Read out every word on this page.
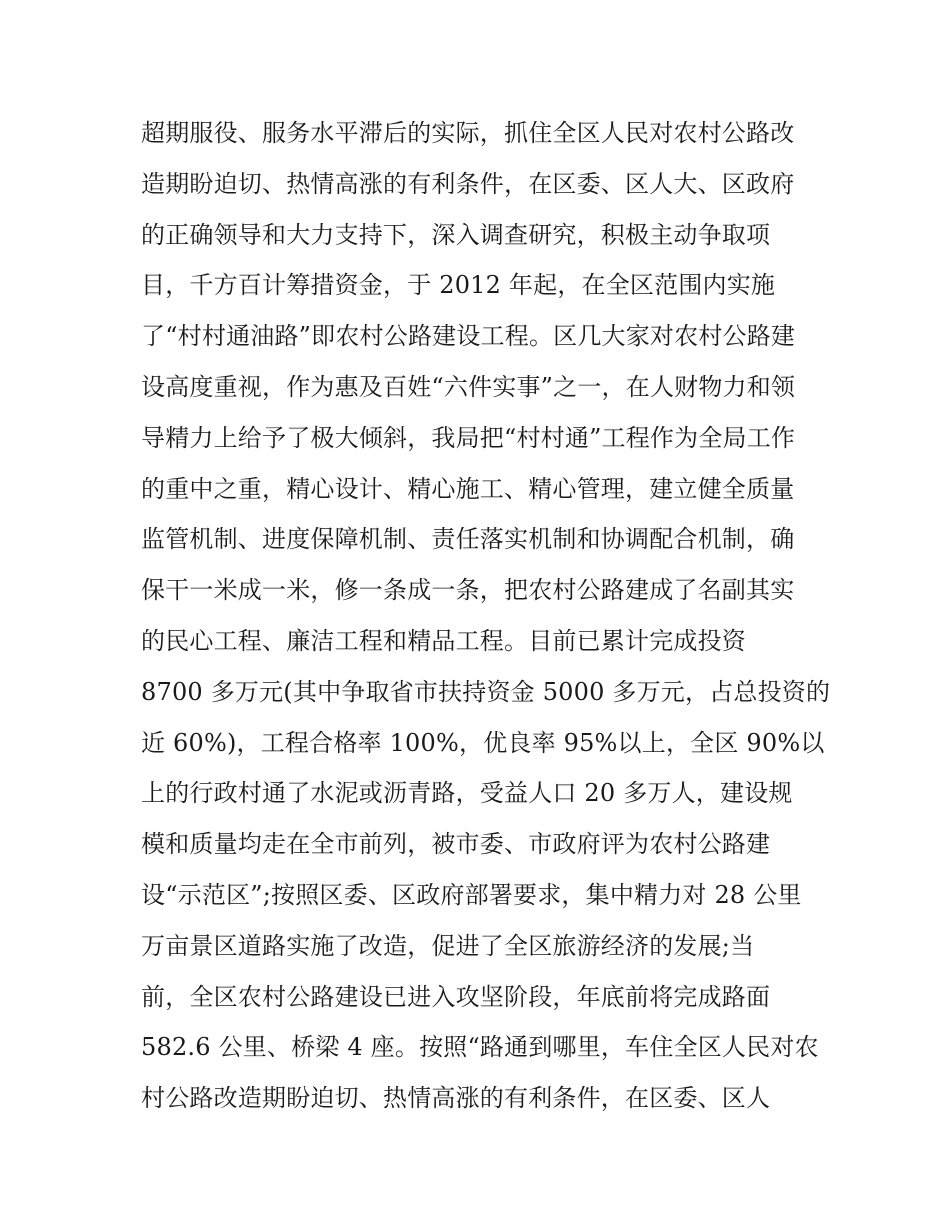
超期服役、服务水平滞后的实际，抓住全区人民对农村公路改
造期盼迫切、热情高涨的有利条件，在区委、区人大、区政府
的正确领导和大力支持下，深入调查研究，积极主动争取项
目，千方百计筹措资金，于 2012 年起，在全区范围内实施
了“村村通油路”即农村公路建设工程。区几大家对农村公路建
设高度重视，作为惠及百姓“六件实事”之一，在人财物力和领
导精力上给予了极大倾斜，我局把“村村通”工程作为全局工作
的重中之重，精心设计、精心施工、精心管理，建立健全质量
监管机制、进度保障机制、责任落实机制和协调配合机制，确
保干一米成一米，修一条成一条，把农村公路建成了名副其实
的民心工程、廉洁工程和精品工程。目前已累计完成投资
8700 多万元(其中争取省市扶持资金 5000 多万元，占总投资的
近 60%)，工程合格率 100%，优良率 95%以上，全区 90%以
上的行政村通了水泥或沥青路，受益人口 20 多万人，建设规
模和质量均走在全市前列，被市委、市政府评为农村公路建
设“示范区”;按照区委、区政府部署要求，集中精力对 28 公里
万亩景区道路实施了改造，促进了全区旅游经济的发展;当
前，全区农村公路建设已进入攻坚阶段，年底前将完成路面
582.6 公里、桥梁 4 座。按照“路通到哪里，车住全区人民对农
村公路改造期盼迫切、热情高涨的有利条件，在区委、区人
